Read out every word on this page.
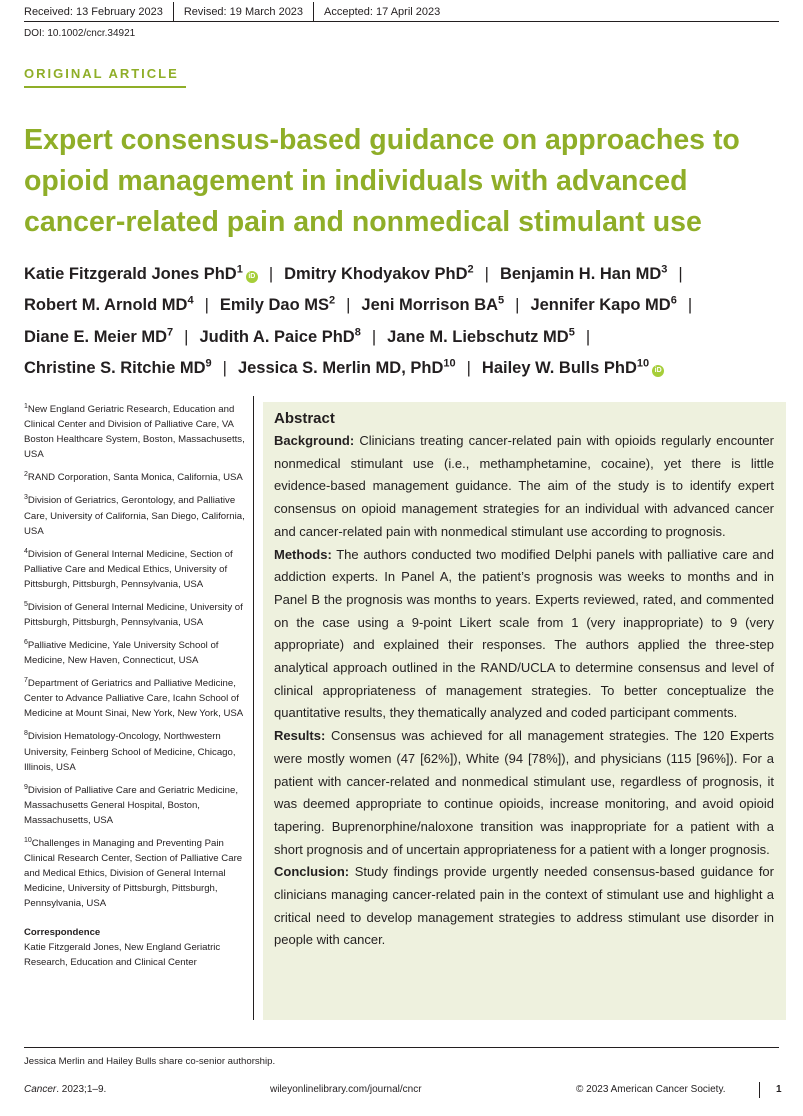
Received: 13 February 2023	Revised: 19 March 2023	Accepted: 17 April 2023
DOI: 10.1002/cncr.34921
ORIGINAL ARTICLE
Expert consensus-based guidance on approaches to opioid management in individuals with advanced cancer-related pain and nonmedical stimulant use
Katie Fitzgerald Jones PhD$^1$iD | Dmitry Khodyakov PhD$^2$ | Benjamin H. Han $MD^3$ |
Robert M. Arnold $MD^4$ | Emily Dao $MS^2$ | Jeni Morrison $BA^5$ | Jennifer Kapo $MD^6$ |
Diane E. Meier $MD^7$ | Judith A. Paice PhD$^8$ | Jane M. Liebschutz $MD^5$ |
Christine S. Ritchie $MD^9$ | Jessica S. Merlin MD, PhD$^{10}$ | Hailey W. Bulls PhD$^{10}$iD
$^1$New England Geriatric Research, Education and Clinical Center and Division of Palliative Care, VA Boston Healthcare System, Boston, Massachusetts, USA
$^2$RAND Corporation, Santa Monica, California, USA
$^3$Division of Geriatrics, Gerontology, and Palliative Care, University of California, San Diego, California, USA
$^4$Division of General Internal Medicine, Section of Palliative Care and Medical Ethics, University of Pittsburgh, Pittsburgh, Pennsylvania, USA
$^5$Division of General Internal Medicine, University of Pittsburgh, Pittsburgh, Pennsylvania, USA
$^6$Palliative Medicine, Yale University School of Medicine, New Haven, Connecticut, USA
$^7$Department of Geriatrics and Palliative Medicine, Center to Advance Palliative Care, Icahn School of Medicine at Mount Sinai, New York, New York, USA
$^8$Division Hematology-Oncology, Northwestern University, Feinberg School of Medicine, Chicago, Illinois, USA
$^9$Division of Palliative Care and Geriatric Medicine, Massachusetts General Hospital, Boston, Massachusetts, USA
$^{10}$Challenges in Managing and Preventing Pain Clinical Research Center, Section of Palliative Care and Medical Ethics, Division of General Internal Medicine, University of Pittsburgh, Pittsburgh, Pennsylvania, USA
Correspondence
Katie Fitzgerald Jones, New England Geriatric Research, Education and Clinical Center
Abstract

Background: Clinicians treating cancer-related pain with opioids regularly encounter nonmedical stimulant use (i.e., methamphetamine, cocaine), yet there is little evidence-based management guidance. The aim of the study is to identify expert consensus on opioid management strategies for an individual with advanced cancer and cancer-related pain with nonmedical stimulant use according to prognosis.

Methods: The authors conducted two modified Delphi panels with palliative care and addiction experts. In Panel A, the patient’s prognosis was weeks to months and in Panel B the prognosis was months to years. Experts reviewed, rated, and commented on the case using a 9-point Likert scale from 1 (very inappropriate) to 9 (very appropriate) and explained their responses. The authors applied the three-step analytical approach outlined in the RAND/UCLA to determine consensus and level of clinical appropriateness of management strategies. To better conceptualize the quantitative results, they thematically analyzed and coded participant comments.

Results: Consensus was achieved for all management strategies. The 120 Experts were mostly women (47 [62%]), White (94 [78%]), and physicians (115 [96%]). For a patient with cancer-related and nonmedical stimulant use, regardless of prognosis, it was deemed appropriate to continue opioids, increase monitoring, and avoid opioid tapering. Buprenorphine/naloxone transition was inappropriate for a patient with a short prognosis and of uncertain appropriateness for a patient with a longer prognosis.

Conclusion: Study findings provide urgently needed consensus-based guidance for clinicians managing cancer-related pain in the context of stimulant use and highlight a critical need to develop management strategies to address stimulant use disorder in people with cancer.

Jessica Merlin and Hailey Bulls share co-senior authorship.
Cancer. 2023;1–9.	wileyonlinelibrary.com/journal/cncr	© 2023 American Cancer Society.	1
